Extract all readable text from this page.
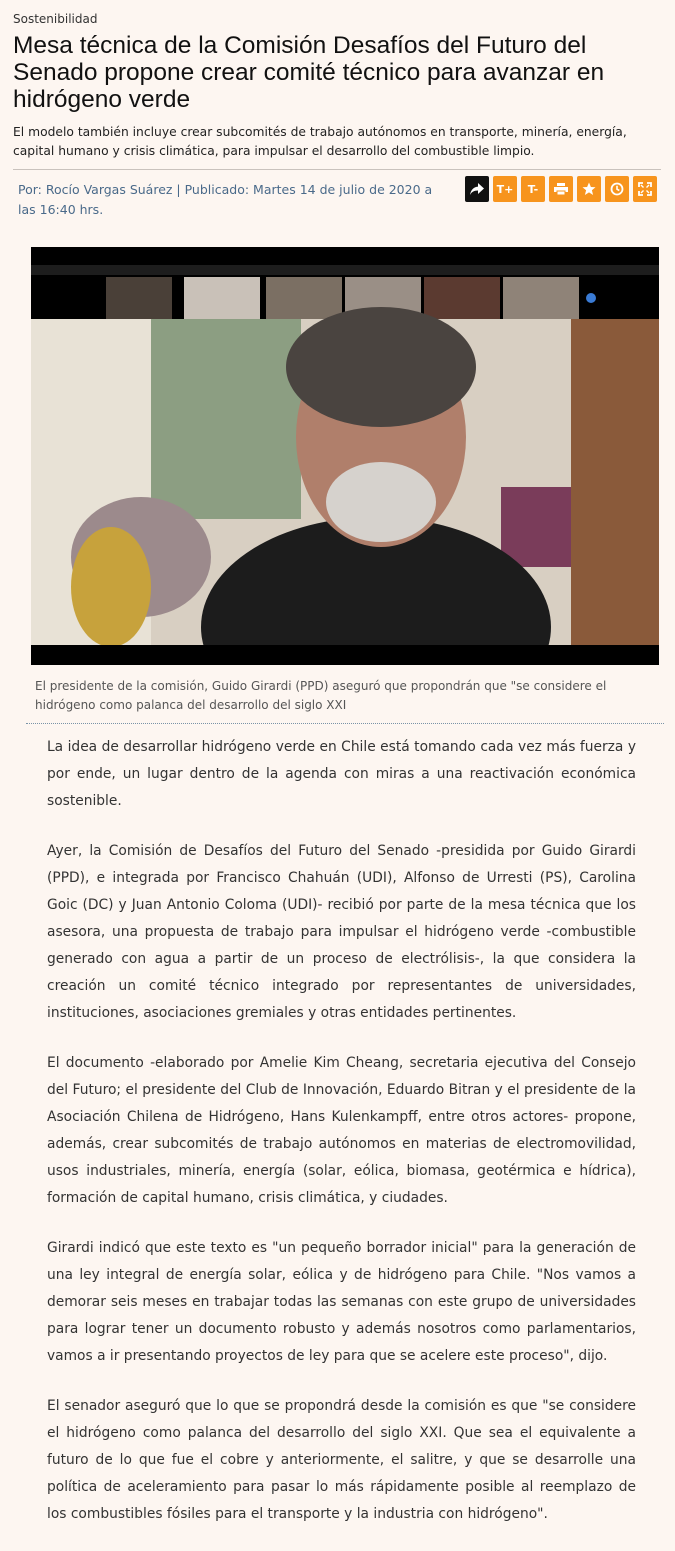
Sostenibilidad
Mesa técnica de la Comisión Desafíos del Futuro del Senado propone crear comité técnico para avanzar en hidrógeno verde
El modelo también incluye crear subcomités de trabajo autónomos en transporte, minería, energía, capital humano y crisis climática, para impulsar el desarrollo del combustible limpio.
Por: Rocío Vargas Suárez | Publicado: Martes 14 de julio de 2020 a las 16:40 hrs.
T+	T-
El presidente de la comisión, Guido Girardi (PPD) aseguró que propondrán que "se considere el hidrógeno como palanca del desarrollo del siglo XXI

La idea de desarrollar hidrógeno verde en Chile está tomando cada vez más fuerza y por ende, un lugar dentro de la agenda con miras a una reactivación económica sostenible.

Ayer, la Comisión de Desafíos del Futuro del Senado -presidida por Guido Girardi (PPD), e integrada por Francisco Chahuán (UDI), Alfonso de Urresti (PS), Carolina Goic (DC) y Juan Antonio Coloma (UDI)- recibió por parte de la mesa técnica que los asesora, una propuesta de trabajo para impulsar el hidrógeno verde -combustible generado con agua a partir de un proceso de electrólisis-, la que considera la creación un comité técnico integrado por representantes de universidades, instituciones, asociaciones gremiales y otras entidades pertinentes.

El documento -elaborado por Amelie Kim Cheang, secretaria ejecutiva del Consejo del Futuro; el presidente del Club de Innovación, Eduardo Bitran y el presidente de la Asociación Chilena de Hidrógeno, Hans Kulenkampff, entre otros actores- propone, además, crear subcomités de trabajo autónomos en materias de electromovilidad, usos industriales, minería, energía (solar, eólica, biomasa, geotérmica e hídrica), formación de capital humano, crisis climática, y ciudades.

Girardi indicó que este texto es "un pequeño borrador inicial" para la generación de una ley integral de energía solar, eólica y de hidrógeno para Chile. "Nos vamos a demorar seis meses en trabajar todas las semanas con este grupo de universidades para lograr tener un documento robusto y además nosotros como parlamentarios, vamos a ir presentando proyectos de ley para que se acelere este proceso", dijo.

El senador aseguró que lo que se propondrá desde la comisión es que "se considere el hidrógeno como palanca del desarrollo del siglo XXI. Que sea el equivalente a futuro de lo que fue el cobre y anteriormente, el salitre, y que se desarrolle una política de aceleramiento para pasar lo más rápidamente posible al reemplazo de los combustibles fósiles para el transporte y la industria con hidrógeno".
